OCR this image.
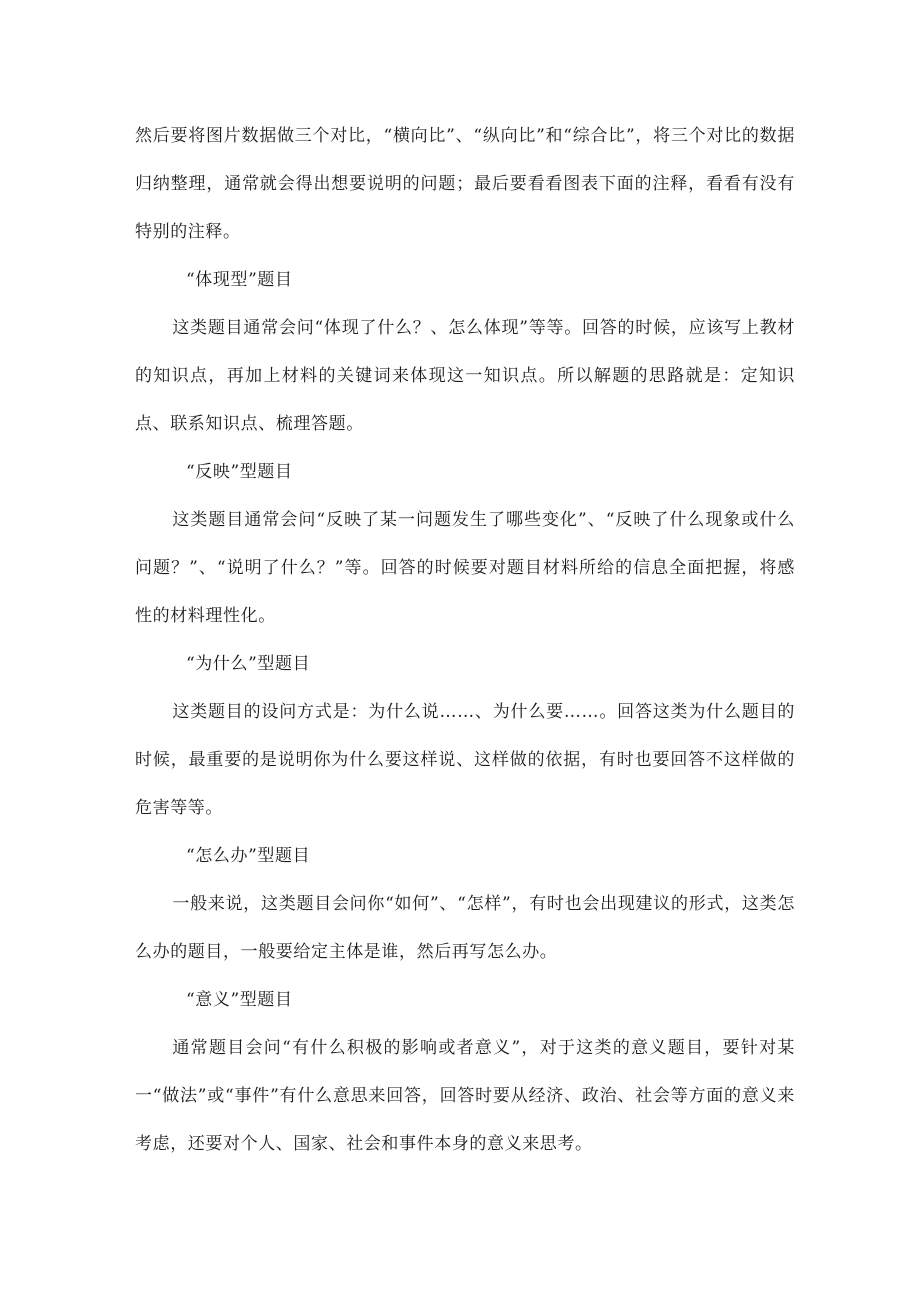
然后要将图片数据做三个对比，“横向比”、“纵向比”和“综合比”，将三个对比的数据归纳整理，通常就会得出想要说明的问题；最后要看看图表下面的注释，看看有没有特别的注释。

“体现型”题目

这类题目通常会问“体现了什么？、怎么体现”等等。回答的时候，应该写上教材的知识点，再加上材料的关键词来体现这一知识点。所以解题的思路就是：定知识点、联系知识点、梳理答题。

“反映”型题目

这类题目通常会问“反映了某一问题发生了哪些变化”、“反映了什么现象或什么问题？”、“说明了什么？”等。回答的时候要对题目材料所给的信息全面把握，将感性的材料理性化。

“为什么”型题目

这类题目的设问方式是：为什么说……、为什么要……。回答这类为什么题目的时候，最重要的是说明你为什么要这样说、这样做的依据，有时也要回答不这样做的危害等等。

“怎么办”型题目

一般来说，这类题目会问你“如何”、“怎样”，有时也会出现建议的形式，这类怎么办的题目，一般要给定主体是谁，然后再写怎么办。

“意义”型题目

通常题目会问“有什么积极的影响或者意义”，对于这类的意义题目，要针对某一“做法”或“事件”有什么意思来回答，回答时要从经济、政治、社会等方面的意义来考虑，还要对个人、国家、社会和事件本身的意义来思考。
